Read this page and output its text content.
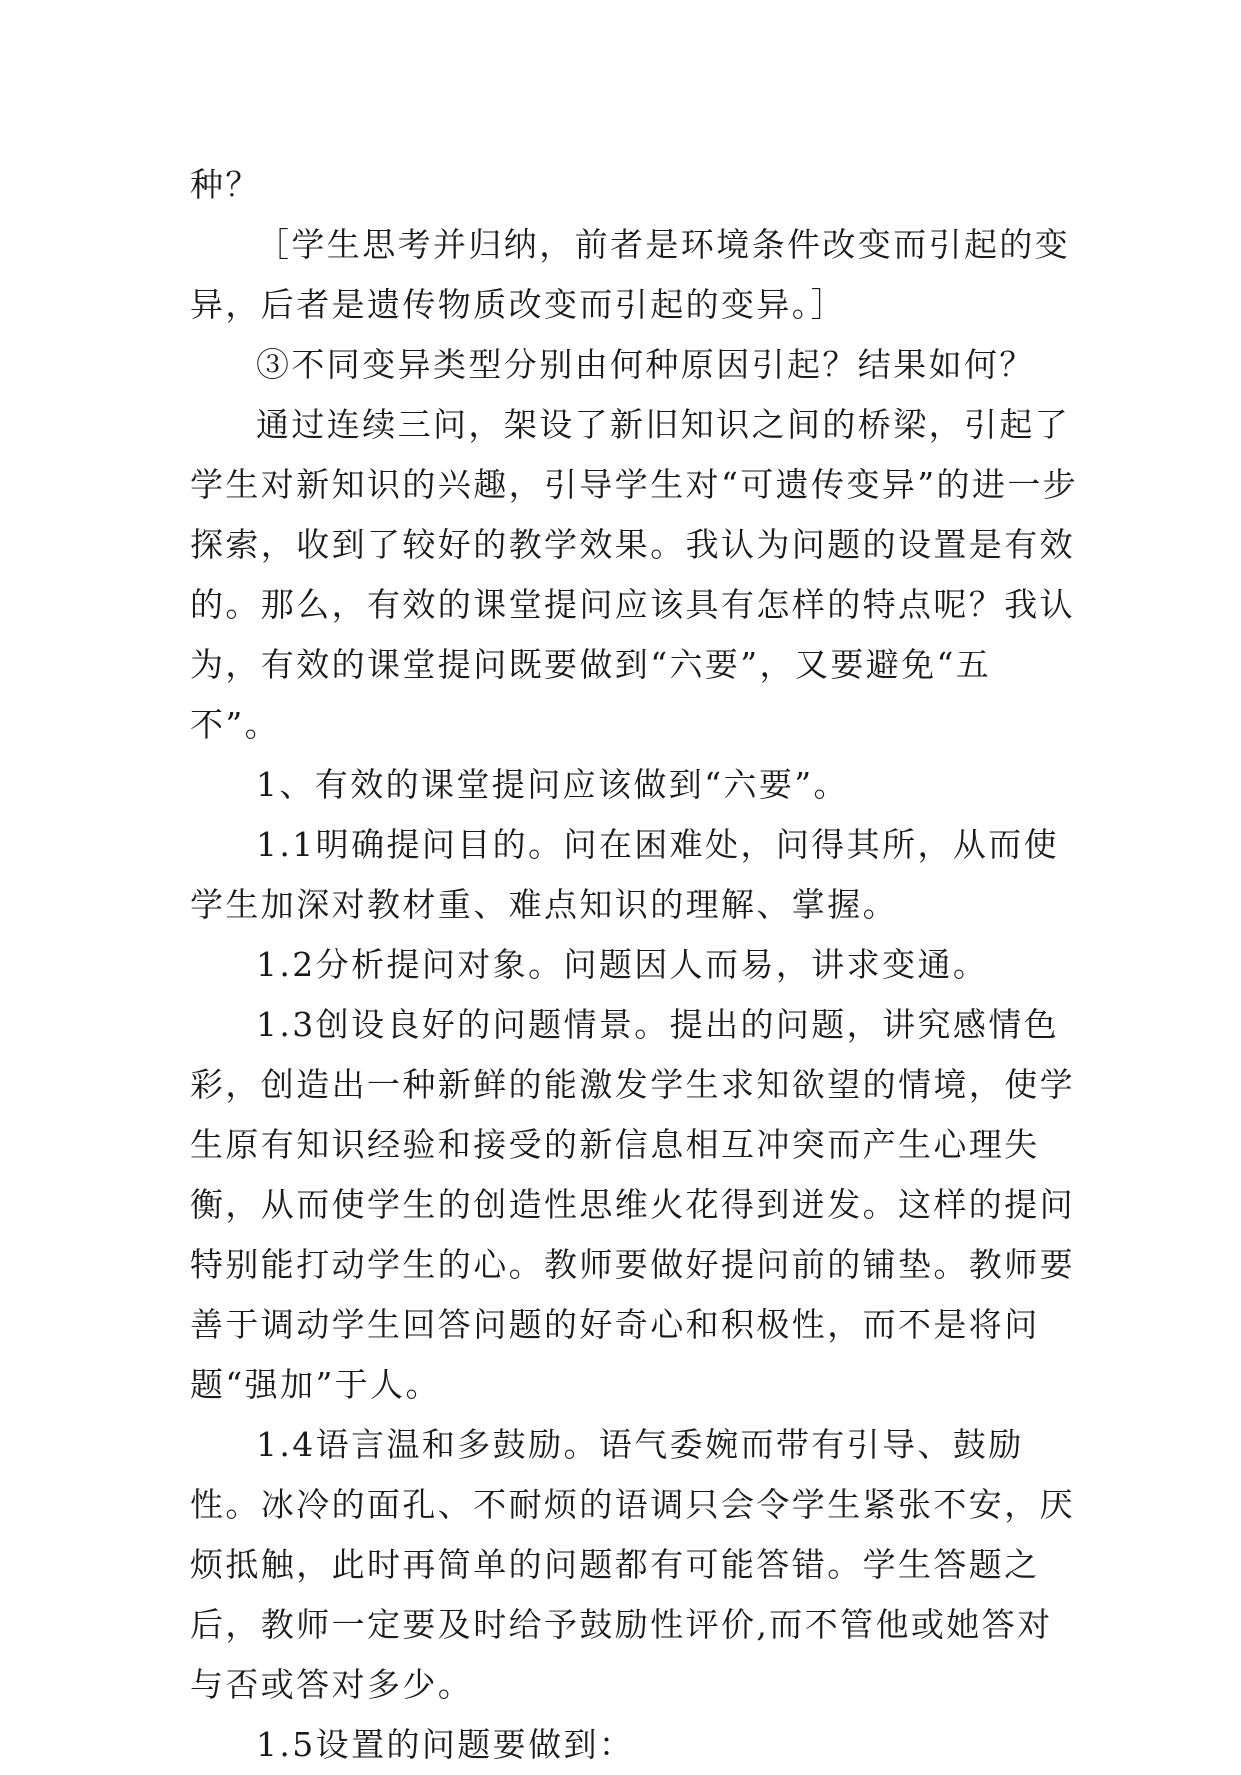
种？

［学生思考并归纳，前者是环境条件改变而引起的变异，后者是遗传物质改变而引起的变异。］

③不同变异类型分别由何种原因引起？结果如何？

通过连续三问，架设了新旧知识之间的桥梁，引起了学生对新知识的兴趣，引导学生对“可遗传变异”的进一步探索，收到了较好的教学效果。我认为问题的设置是有效的。那么，有效的课堂提问应该具有怎样的特点呢？我认为，有效的课堂提问既要做到“六要”，又要避免“五不”。

1、有效的课堂提问应该做到“六要”。

1.1明确提问目的。问在困难处，问得其所，从而使学生加深对教材重、难点知识的理解、掌握。

1.2分析提问对象。问题因人而易，讲求变通。

1.3创设良好的问题情景。提出的问题，讲究感情色彩，创造出一种新鲜的能激发学生求知欲望的情境，使学生原有知识经验和接受的新信息相互冲突而产生心理失衡，从而使学生的创造性思维火花得到迸发。这样的提问特别能打动学生的心。教师要做好提问前的铺垫。教师要善于调动学生回答问题的好奇心和积极性，而不是将问题“强加”于人。

1.4语言温和多鼓励。语气委婉而带有引导、鼓励性。冰冷的面孔、不耐烦的语调只会令学生紧张不安，厌烦抵触，此时再简单的问题都有可能答错。学生答题之后，教师一定要及时给予鼓励性评价,而不管他或她答对与否或答对多少。

1.5设置的问题要做到：
